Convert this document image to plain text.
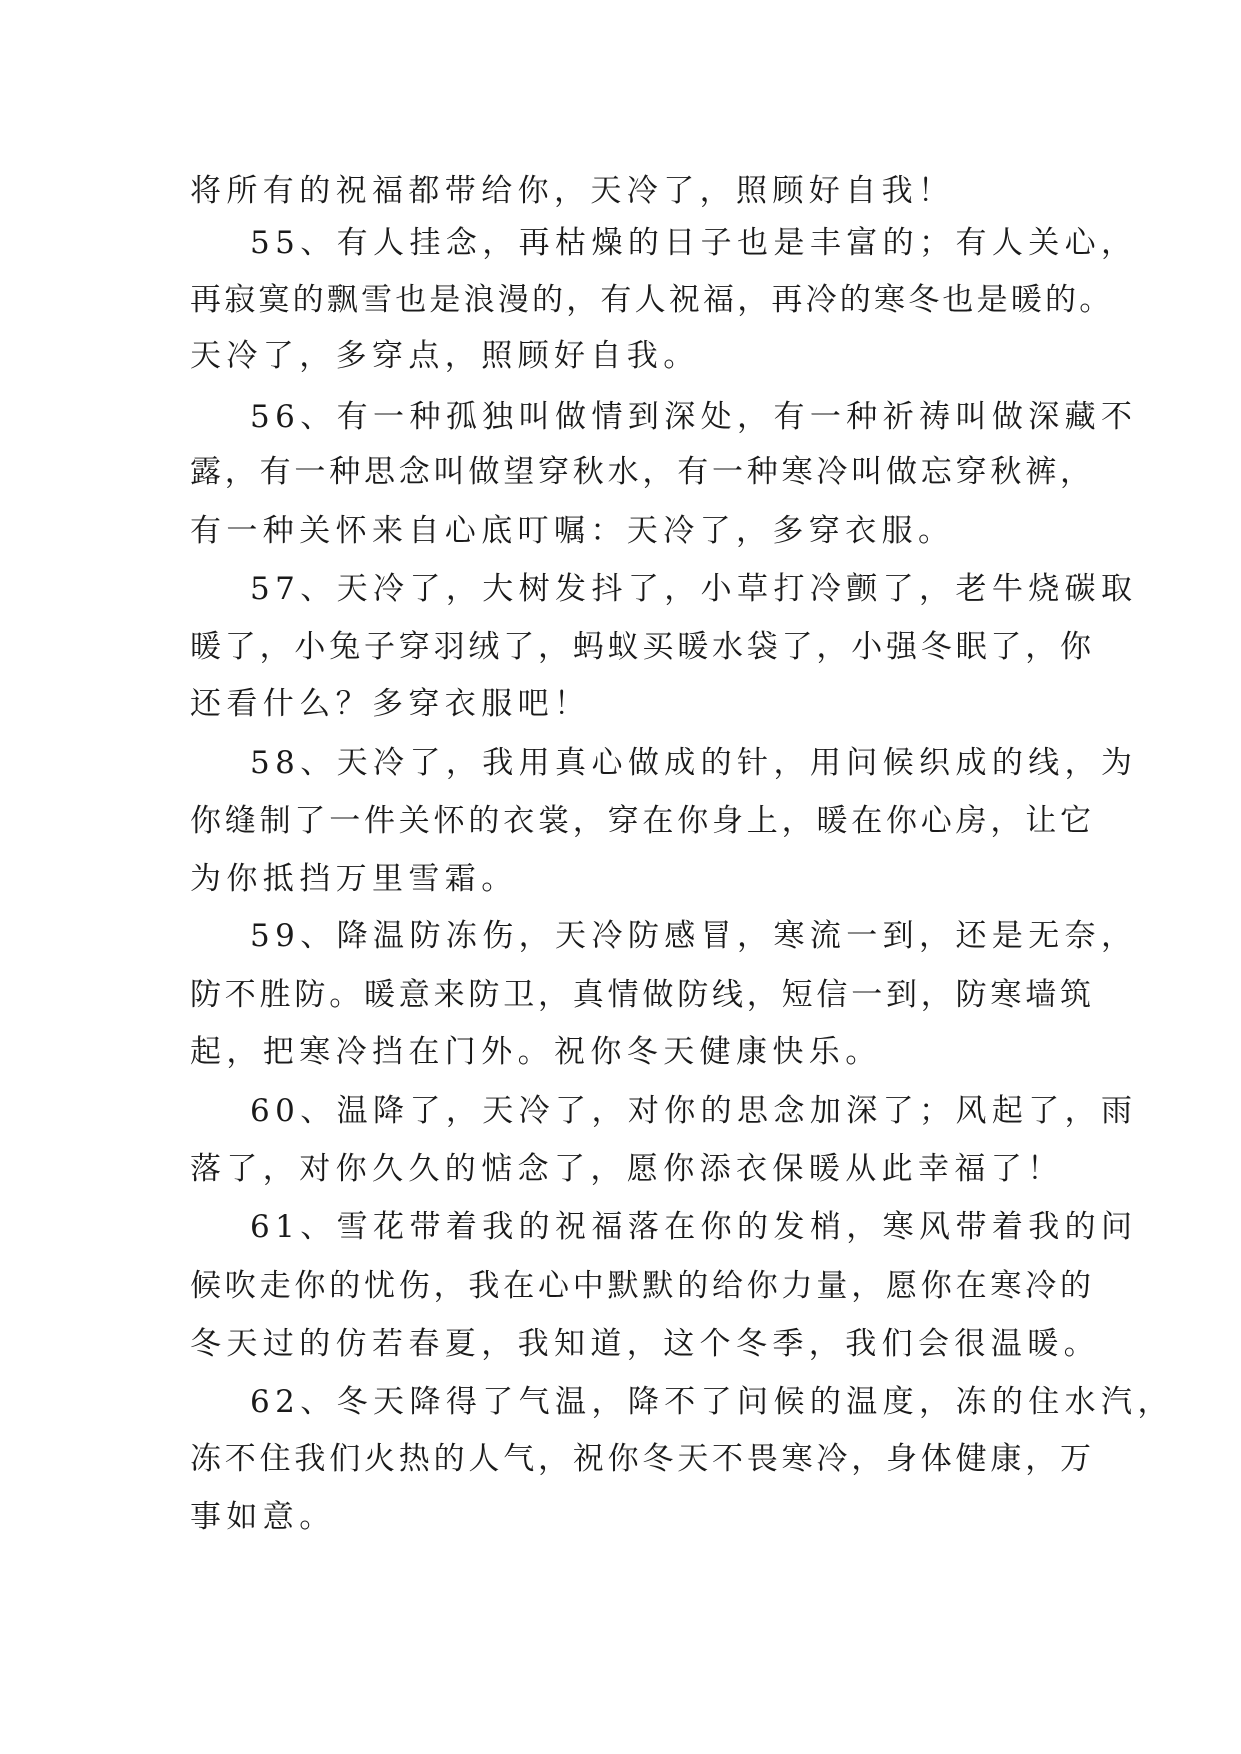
将所有的祝福都带给你，天冷了，照顾好自我！
55、有人挂念，再枯燥的日子也是丰富的；有人关心，
再寂寞的飘雪也是浪漫的，有人祝福，再冷的寒冬也是暖的。
天冷了，多穿点，照顾好自我。
56、有一种孤独叫做情到深处，有一种祈祷叫做深藏不
露，有一种思念叫做望穿秋水，有一种寒冷叫做忘穿秋裤，
有一种关怀来自心底叮嘱：天冷了，多穿衣服。
57、天冷了，大树发抖了，小草打冷颤了，老牛烧碳取
暖了，小兔子穿羽绒了，蚂蚁买暖水袋了，小强冬眠了，你
还看什么？多穿衣服吧！
58、天冷了，我用真心做成的针，用问候织成的线，为
你缝制了一件关怀的衣裳，穿在你身上，暖在你心房，让它
为你抵挡万里雪霜。
59、降温防冻伤，天冷防感冒，寒流一到，还是无奈，
防不胜防。暖意来防卫，真情做防线，短信一到，防寒墙筑
起，把寒冷挡在门外。祝你冬天健康快乐。
60、温降了，天冷了，对你的思念加深了；风起了，雨
落了，对你久久的惦念了，愿你添衣保暖从此幸福了！
61、雪花带着我的祝福落在你的发梢，寒风带着我的问
候吹走你的忧伤，我在心中默默的给你力量，愿你在寒冷的
冬天过的仿若春夏，我知道，这个冬季，我们会很温暖。
62、冬天降得了气温，降不了问候的温度，冻的住水汽，
冻不住我们火热的人气，祝你冬天不畏寒冷，身体健康，万
事如意。
